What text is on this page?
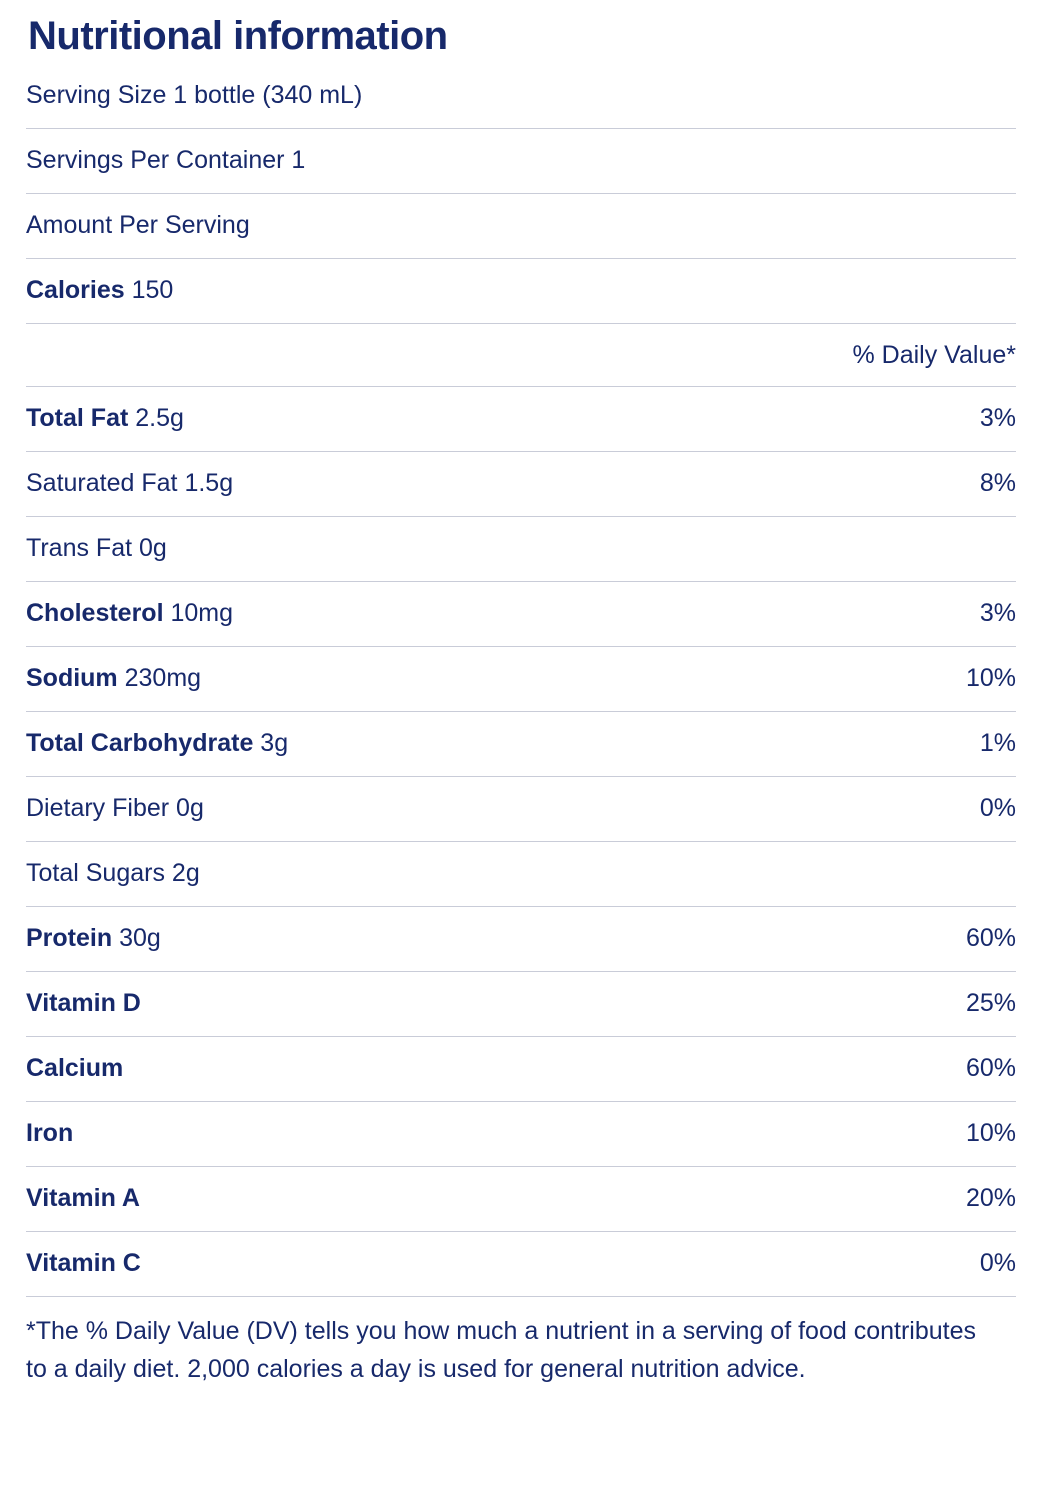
Nutritional information
Serving Size 1 bottle (340 mL)
Servings Per Container 1
Amount Per Serving
Calories 150
% Daily Value*
Total Fat 2.5g	3%
Saturated Fat 1.5g	8%
Trans Fat 0g
Cholesterol 10mg	3%
Sodium 230mg	10%
Total Carbohydrate 3g	1%
Dietary Fiber 0g	0%
Total Sugars 2g
Protein 30g	60%
Vitamin D	25%
Calcium	60%
Iron	10%
Vitamin A	20%
Vitamin C	0%

*The % Daily Value (DV) tells you how much a nutrient in a serving of food contributes to a daily diet. 2,000 calories a day is used for general nutrition advice.
